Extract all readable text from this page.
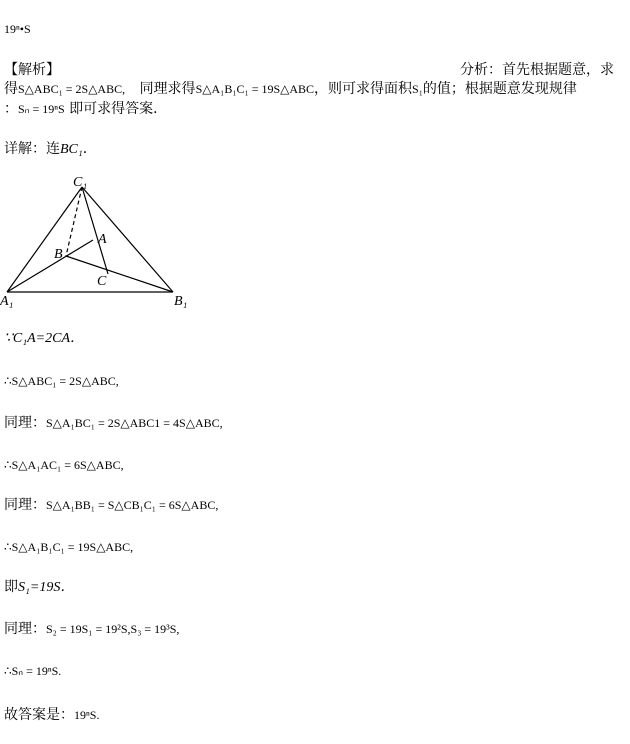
19ⁿ•S
【解析】	分析：首先根据题意，求
得S△ABC₁ = 2S△ABC, 同理求得S△A₁B₁C₁ = 19S△ABC，则可求得面积S₁的值；根据题意发现规律
：Sₙ = 19ⁿS 即可求得答案．
详解：连BC₁．
C₁
A
B
C
A₁	B₁
∵C₁A=2CA．
∴S△ABC₁ = 2S△ABC,
同理：S△A₁BC₁ = 2S△ABC1 = 4S△ABC,
∴S△A₁AC₁ = 6S△ABC,
同理：S△A₁BB₁ = S△CB₁C₁ = 6S△ABC,
∴S△A₁B₁C₁ = 19S△ABC,
即S₁=19S．
同理：S₂ = 19S₁ = 19²S,S₃ = 19³S,
∴Sₙ = 19ⁿS.
故答案是：19ⁿS.
